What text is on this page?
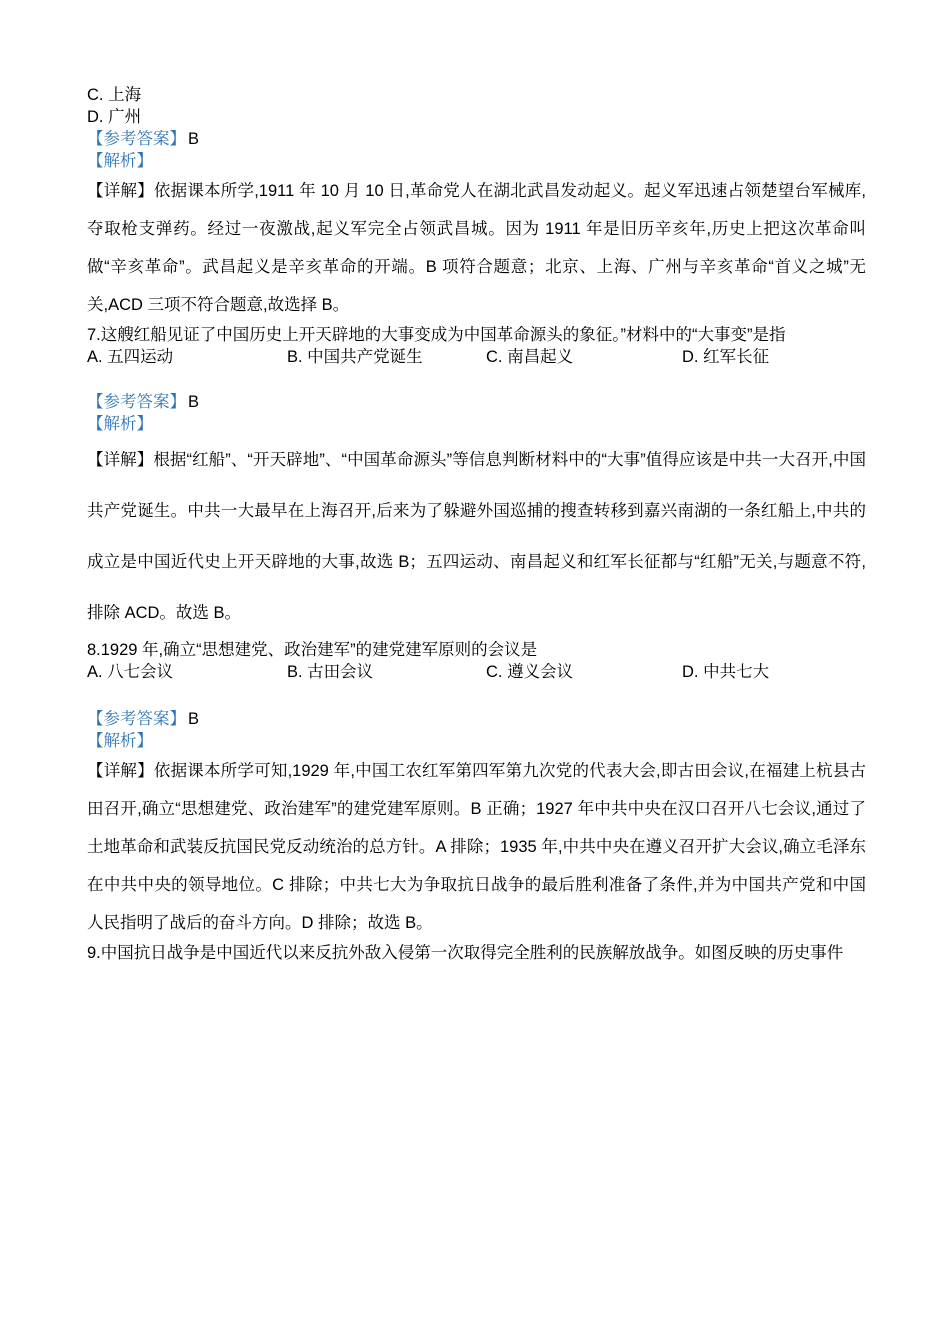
C. 上海

D. 广州

【参考答案】 B

【解析】

【详解】依据课本所学,1911 年 10 月 10 日,革命党人在湖北武昌发动起义。起义军迅速占领楚望台军械库,夺取枪支弹药。经过一夜激战,起义军完全占领武昌城。因为 1911 年是旧历辛亥年,历史上把这次革命叫做“辛亥革命”。武昌起义是辛亥革命的开端。B 项符合题意；北京、上海、广州与辛亥革命“首义之城”无关,ACD 三项不符合题意,故选择 B。

7.这艘红船见证了中国历史上开天辟地的大事变成为中国革命源头的象征。”材料中的“大事变”是指

A. 五四运动	B. 中国共产党诞生	C. 南昌起义	D. 红军长征

【参考答案】 B

【解析】

【详解】根据“红船”、“开天辟地”、“中国革命源头”等信息判断材料中的“大事”值得应该是中共一大召开,中国共产党诞生。中共一大最早在上海召开,后来为了躲避外国巡捕的搜查转移到嘉兴南湖的一条红船上,中共的成立是中国近代史上开天辟地的大事,故选 B；五四运动、南昌起义和红军长征都与“红船”无关,与题意不符,排除 ACD。故选 B。

8.1929 年,确立“思想建党、政治建军”的建党建军原则的会议是

A. 八七会议	B. 古田会议	C. 遵义会议	D. 中共七大

【参考答案】 B

【解析】

【详解】依据课本所学可知,1929 年,中国工农红军第四军第九次党的代表大会,即古田会议,在福建上杭县古田召开,确立“思想建党、政治建军”的建党建军原则。B 正确；1927 年中共中央在汉口召开八七会议,通过了土地革命和武装反抗国民党反动统治的总方针。A 排除；1935 年,中共中央在遵义召开扩大会议,确立毛泽东在中共中央的领导地位。C 排除；中共七大为争取抗日战争的最后胜利准备了条件,并为中国共产党和中国人民指明了战后的奋斗方向。D 排除；故选 B。

9.中国抗日战争是中国近代以来反抗外敌入侵第一次取得完全胜利的民族解放战争。如图反映的历史事件
